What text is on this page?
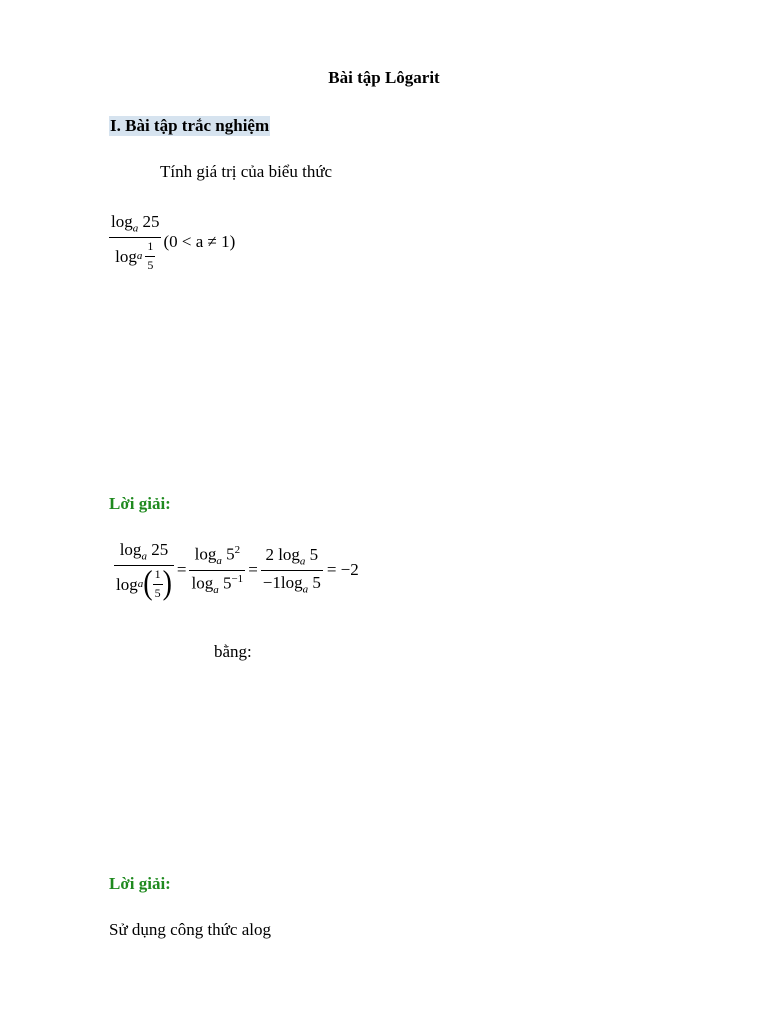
Bài tập Lôgarit
I. Bài tập trắc nghiệm
Tính giá trị của biểu thức
$\frac{\log_a 25}{\log a \frac{1}{5}} (0 < a \ne 1)$
Lời giải:
$\log_a 25$
log a ( $\frac{1}{5}$ ) = $\frac{\log_a 5^2}{\log_a 5^{-1}} = \frac{2 \log_a 5}{-1\log_a 5} = -2$
bằng:
Lời giải:
Sử dụng công thức alog
